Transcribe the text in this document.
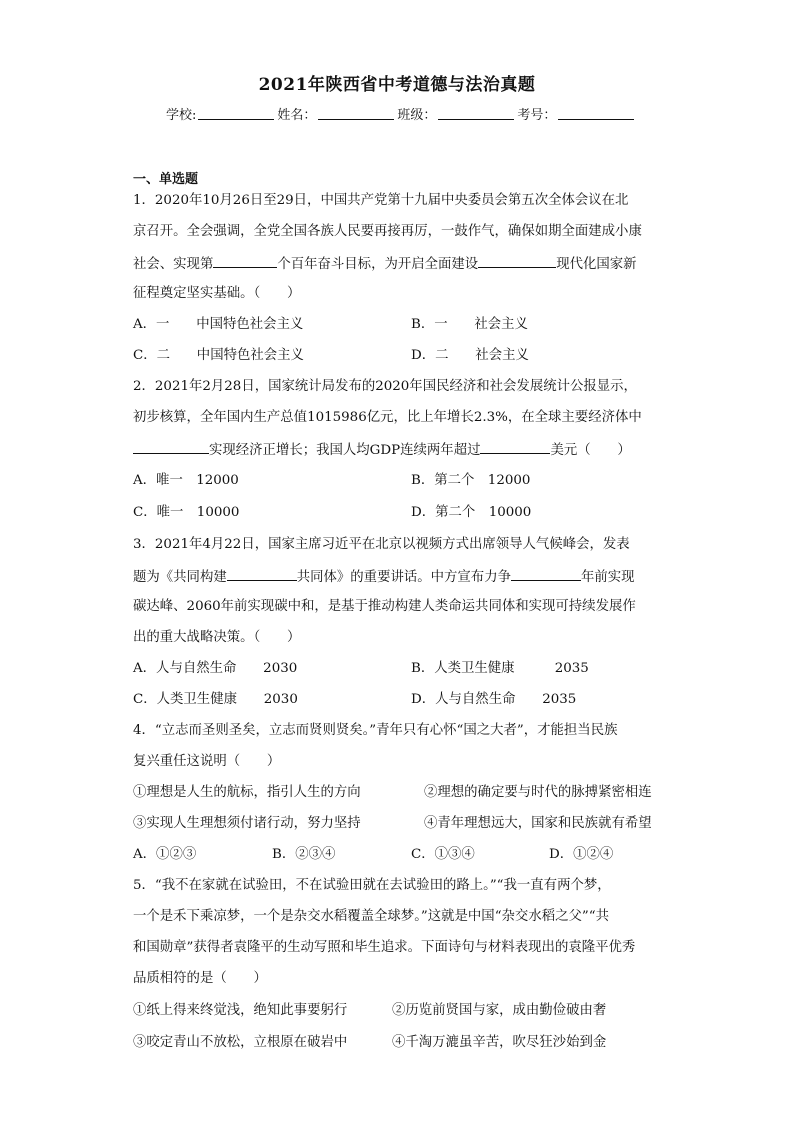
2021年陕西省中考道德与法治真题
学校:	姓名：	班级：	考号：
一、单选题
1．2020年10月26日至29日，中国共产党第十九届中央委员会第五次全体会议在北
京召开。全会强调，全党全国各族人民要再接再厉，一鼓作气，确保如期全面建成小康
社会、实现第	个百年奋斗目标，为开启全面建设	现代化国家新
征程奠定坚实基础。（　　）
A．一　　中国特色社会主义	B．一　　社会主义
C．二　　中国特色社会主义	D．二　　社会主义
2．2021年2月28日，国家统计局发布的2020年国民经济和社会发展统计公报显示，
初步核算，全年国内生产总值1015986亿元，比上年增长2.3%，在全球主要经济体中
实现经济正增长；我国人均GDP连续两年超过	美元（　　）
A．唯一　12000	B．第二个　12000
C．唯一　10000	D．第二个　10000
3．2021年4月22日，国家主席习近平在北京以视频方式出席领导人气候峰会，发表
题为《共同构建	共同体》的重要讲话。中方宣布力争	年前实现
碳达峰、2060年前实现碳中和，是基于推动构建人类命运共同体和实现可持续发展作
出的重大战略决策。（　　）
A．人与自然生命　　2030	B．人类卫生健康　　　2035
C．人类卫生健康　　2030	D．人与自然生命　　2035
4．“立志而圣则圣矣，立志而贤则贤矣。”青年只有心怀“国之大者”，才能担当民族
复兴重任这说明（　　）
①理想是人生的航标，指引人生的方向	②理想的确定要与时代的脉搏紧密相连
③实现人生理想须付诸行动，努力坚持	④青年理想远大，国家和民族就有希望
A．①②③	B．②③④	C．①③④	D．①②④
5．“我不在家就在试验田，不在试验田就在去试验田的路上。”“我一直有两个梦，
一个是禾下乘凉梦，一个是杂交水稻覆盖全球梦。”这就是中国“杂交水稻之父”“共
和国勋章”获得者袁隆平的生动写照和毕生追求。下面诗句与材料表现出的袁隆平优秀
品质相符的是（　　）
①纸上得来终觉浅，绝知此事要躬行	②历览前贤国与家，成由勤俭破由奢
③咬定青山不放松，立根原在破岩中	④千淘万漉虽辛苦，吹尽狂沙始到金
